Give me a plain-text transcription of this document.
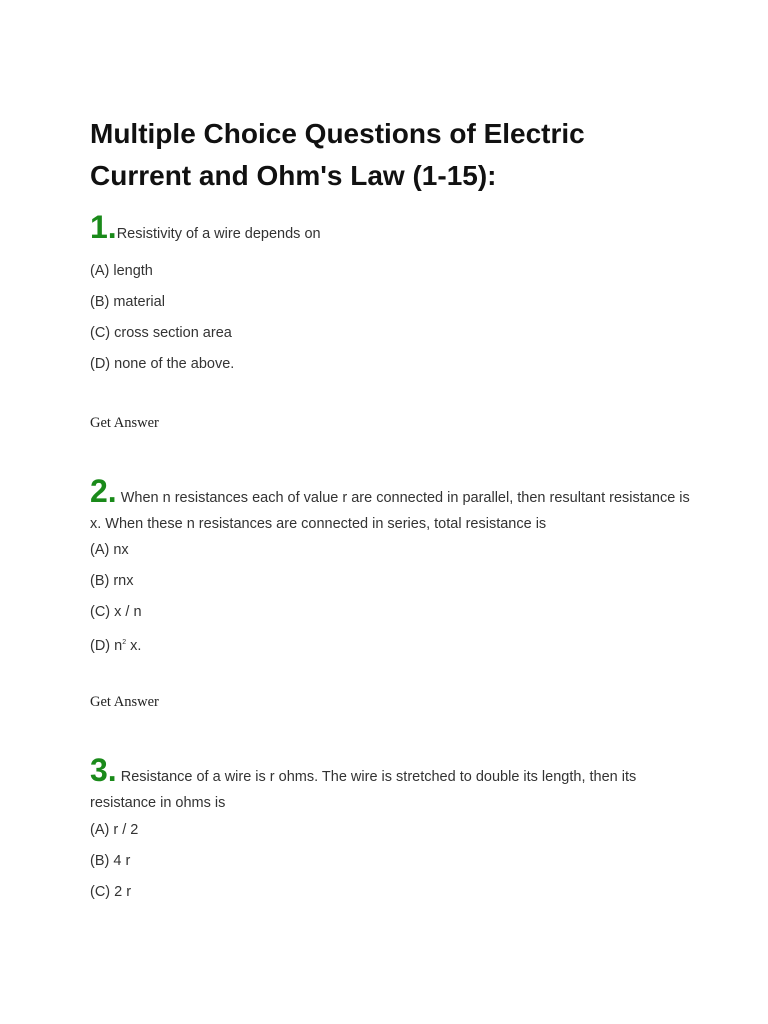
Multiple Choice Questions of Electric Current and Ohm's Law (1-15):

1.Resistivity of a wire depends on

(A) length

(B) material

(C) cross section area

(D) none of the above.

Get Answer

2. When n resistances each of value r are connected in parallel, then resultant resistance is x. When these n resistances are connected in series, total resistance is

(A) nx

(B) rnx

(C) x / n

(D) $n^2$ x.

Get Answer

3. Resistance of a wire is r ohms. The wire is stretched to double its length, then its resistance in ohms is

(A) r / 2

(B) 4 r

(C) 2 r
